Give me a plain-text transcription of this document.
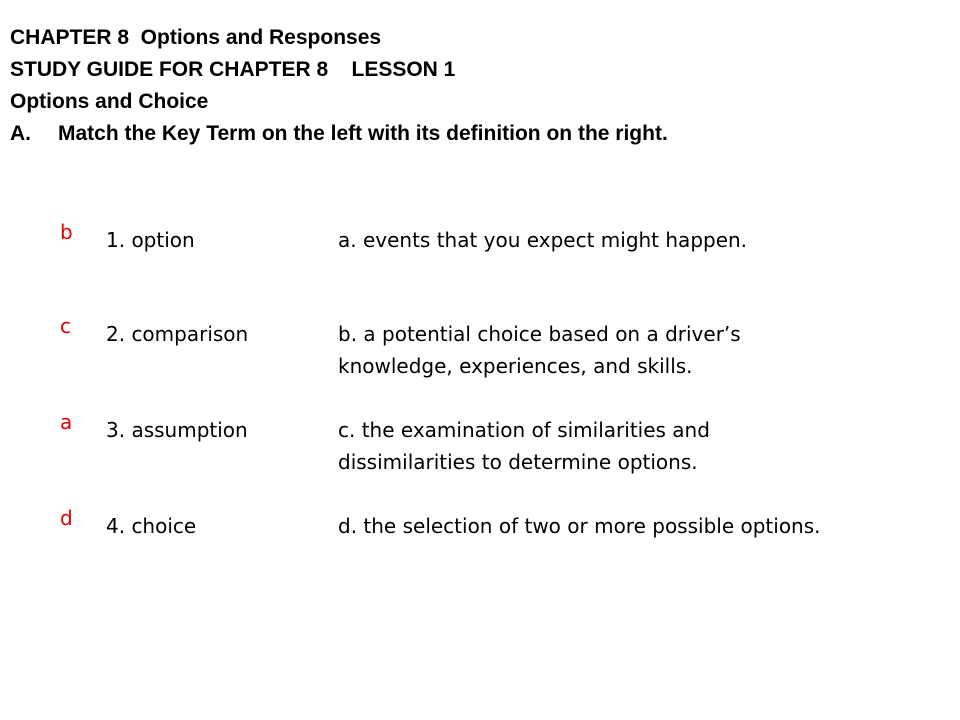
CHAPTER 8  Options and Responses
STUDY GUIDE FOR CHAPTER 8    LESSON 1
Options and Choice
A.	Match the Key Term on the left with its definition on the right.
b 1. option	a. events that you expect might happen.
c 2. comparison	b. a potential choice based on a driver’s knowledge, experiences, and skills.
a 3. assumption	c. the examination of similarities and dissimilarities to determine options.
d 4. choice	d. the selection of two or more possible options.
